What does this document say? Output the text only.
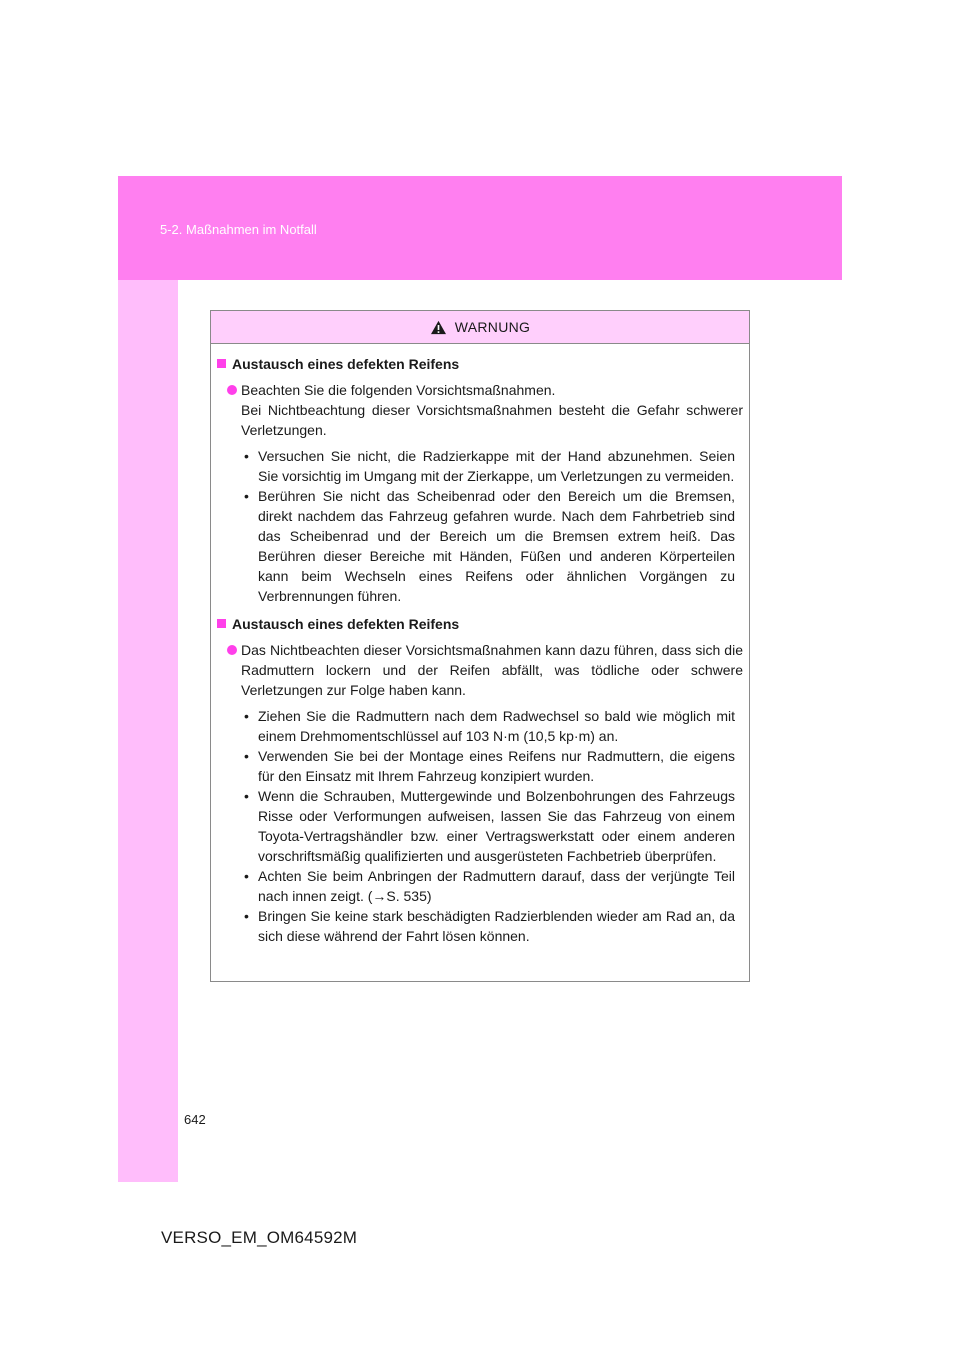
5-2. Maßnahmen im Notfall
WARNUNG
Austausch eines defekten Reifens

Beachten Sie die folgenden Vorsichtsmaßnahmen.

Bei Nichtbeachtung dieser Vorsichtsmaßnahmen besteht die Gefahr schwerer Verletzungen.

• Versuchen Sie nicht, die Radzierkappe mit der Hand abzunehmen. Seien Sie vorsichtig im Umgang mit der Zierkappe, um Verletzungen zu vermeiden.
• Berühren Sie nicht das Scheibenrad oder den Bereich um die Bremsen, direkt nachdem das Fahrzeug gefahren wurde. Nach dem Fahrbetrieb sind das Scheibenrad und der Bereich um die Bremsen extrem heiß. Das Berühren dieser Bereiche mit Händen, Füßen und anderen Körperteilen kann beim Wechseln eines Reifens oder ähnlichen Vorgängen zu Verbrennungen führen.
Austausch eines defekten Reifens

Das Nichtbeachten dieser Vorsichtsmaßnahmen kann dazu führen, dass sich die Radmuttern lockern und der Reifen abfällt, was tödliche oder schwere Verletzungen zur Folge haben kann.

• Ziehen Sie die Radmuttern nach dem Radwechsel so bald wie möglich mit einem Drehmomentschlüssel auf 103 N·m (10,5 kp·m) an.
• Verwenden Sie bei der Montage eines Reifens nur Radmuttern, die eigens für den Einsatz mit Ihrem Fahrzeug konzipiert wurden.
• Wenn die Schrauben, Muttergewinde und Bolzenbohrungen des Fahrzeugs Risse oder Verformungen aufweisen, lassen Sie das Fahrzeug von einem Toyota-Vertragshändler bzw. einer Vertragswerkstatt oder einem anderen vorschriftsmäßig qualifizierten und ausgerüsteten Fachbetrieb überprüfen.
• Achten Sie beim Anbringen der Radmuttern darauf, dass der verjüngte Teil nach innen zeigt. (→S. 535)
• Bringen Sie keine stark beschädigten Radzierblenden wieder am Rad an, da sich diese während der Fahrt lösen können.
642
VERSO_EM_OM64592M
